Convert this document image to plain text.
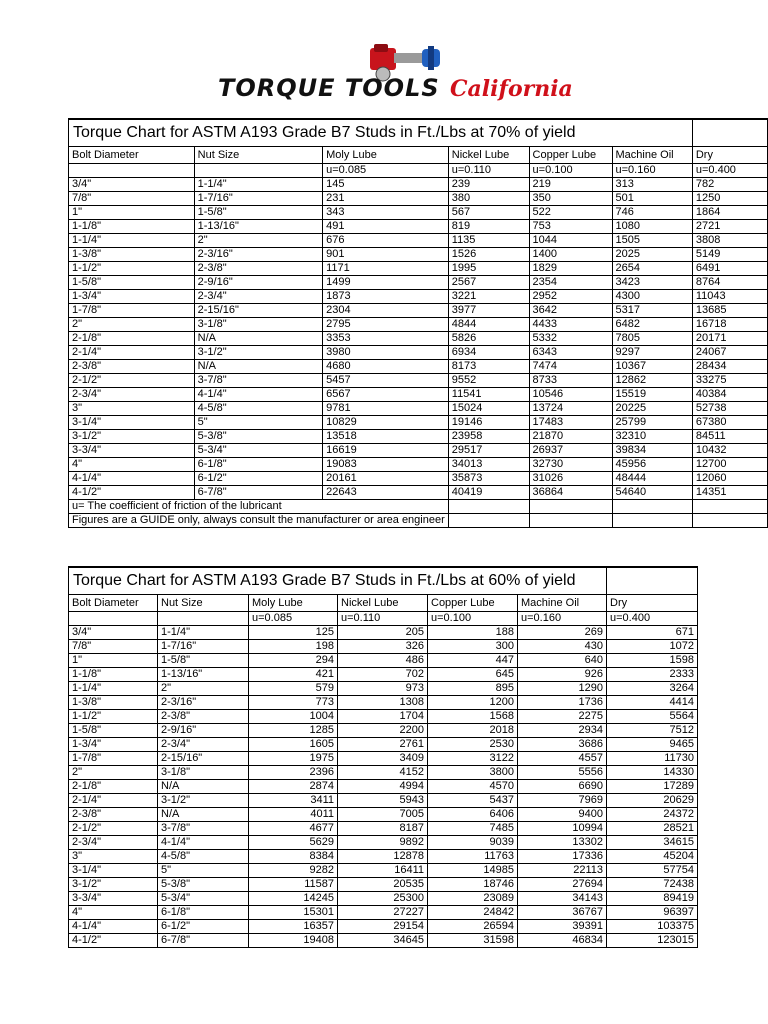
TORQUE TOOLS California
Torque Chart for ASTM A193 Grade B7 Studs in Ft./Lbs at 70% of yield						
Bolt Diameter	Nut Size	Moly Lube	Nickel Lube	Copper Lube	Machine Oil	Dry
		u=0.085	u=0.110	u=0.100	u=0.160	u=0.400
3/4"	1-1/4"	145	239	219	313	782
7/8"	1-7/16"	231	380	350	501	1250
1"	1-5/8"	343	567	522	746	1864
1-1/8"	1-13/16"	491	819	753	1080	2721
1-1/4"	2"	676	1135	1044	1505	3808
1-3/8"	2-3/16"	901	1526	1400	2025	5149
1-1/2"	2-3/8"	1171	1995	1829	2654	6491
1-5/8"	2-9/16"	1499	2567	2354	3423	8764
1-3/4"	2-3/4"	1873	3221	2952	4300	11043
1-7/8"	2-15/16"	2304	3977	3642	5317	13685
2"	3-1/8"	2795	4844	4433	6482	16718
2-1/8"	N/A	3353	5826	5332	7805	20171
2-1/4"	3-1/2"	3980	6934	6343	9297	24067
2-3/8"	N/A	4680	8173	7474	10367	28434
2-1/2"	3-7/8"	5457	9552	8733	12862	33275
2-3/4"	4-1/4"	6567	11541	10546	15519	40384
3"	4-5/8"	9781	15024	13724	20225	52738
3-1/4"	5"	10829	19146	17483	25799	67380
3-1/2"	5-3/8"	13518	23958	21870	32310	84511
3-3/4"	5-3/4"	16619	29517	26937	39834	10432
4"	6-1/8"	19083	34013	32730	45956	12700
4-1/4"	6-1/2"	20161	35873	31026	48444	12060
4-1/2"	6-7/8"	22643	40419	36864	54640	14351
u= The coefficient of friction of the lubricant						
Figures are a GUIDE only, always consult the manufacturer or area engineer						
Torque Chart for ASTM A193 Grade B7 Studs in Ft./Lbs at 60% of yield						
Bolt Diameter	Nut Size	Moly Lube	Nickel Lube	Copper Lube	Machine Oil	Dry
		u=0.085	u=0.110	u=0.100	u=0.160	u=0.400
3/4"	1-1/4"	125	205	188	269	671
7/8"	1-7/16"	198	326	300	430	1072
1"	1-5/8"	294	486	447	640	1598
1-1/8"	1-13/16"	421	702	645	926	2333
1-1/4"	2"	579	973	895	1290	3264
1-3/8"	2-3/16"	773	1308	1200	1736	4414
1-1/2"	2-3/8"	1004	1704	1568	2275	5564
1-5/8"	2-9/16"	1285	2200	2018	2934	7512
1-3/4"	2-3/4"	1605	2761	2530	3686	9465
1-7/8"	2-15/16"	1975	3409	3122	4557	11730
2"	3-1/8"	2396	4152	3800	5556	14330
2-1/8"	N/A	2874	4994	4570	6690	17289
2-1/4"	3-1/2"	3411	5943	5437	7969	20629
2-3/8"	N/A	4011	7005	6406	9400	24372
2-1/2"	3-7/8"	4677	8187	7485	10994	28521
2-3/4"	4-1/4"	5629	9892	9039	13302	34615
3"	4-5/8"	8384	12878	11763	17336	45204
3-1/4"	5"	9282	16411	14985	22113	57754
3-1/2"	5-3/8"	11587	20535	18746	27694	72438
3-3/4"	5-3/4"	14245	25300	23089	34143	89419
4"	6-1/8"	15301	27227	24842	36767	96397
4-1/4"	6-1/2"	16357	29154	26594	39391	103375
4-1/2"	6-7/8"	19408	34645	31598	46834	123015
